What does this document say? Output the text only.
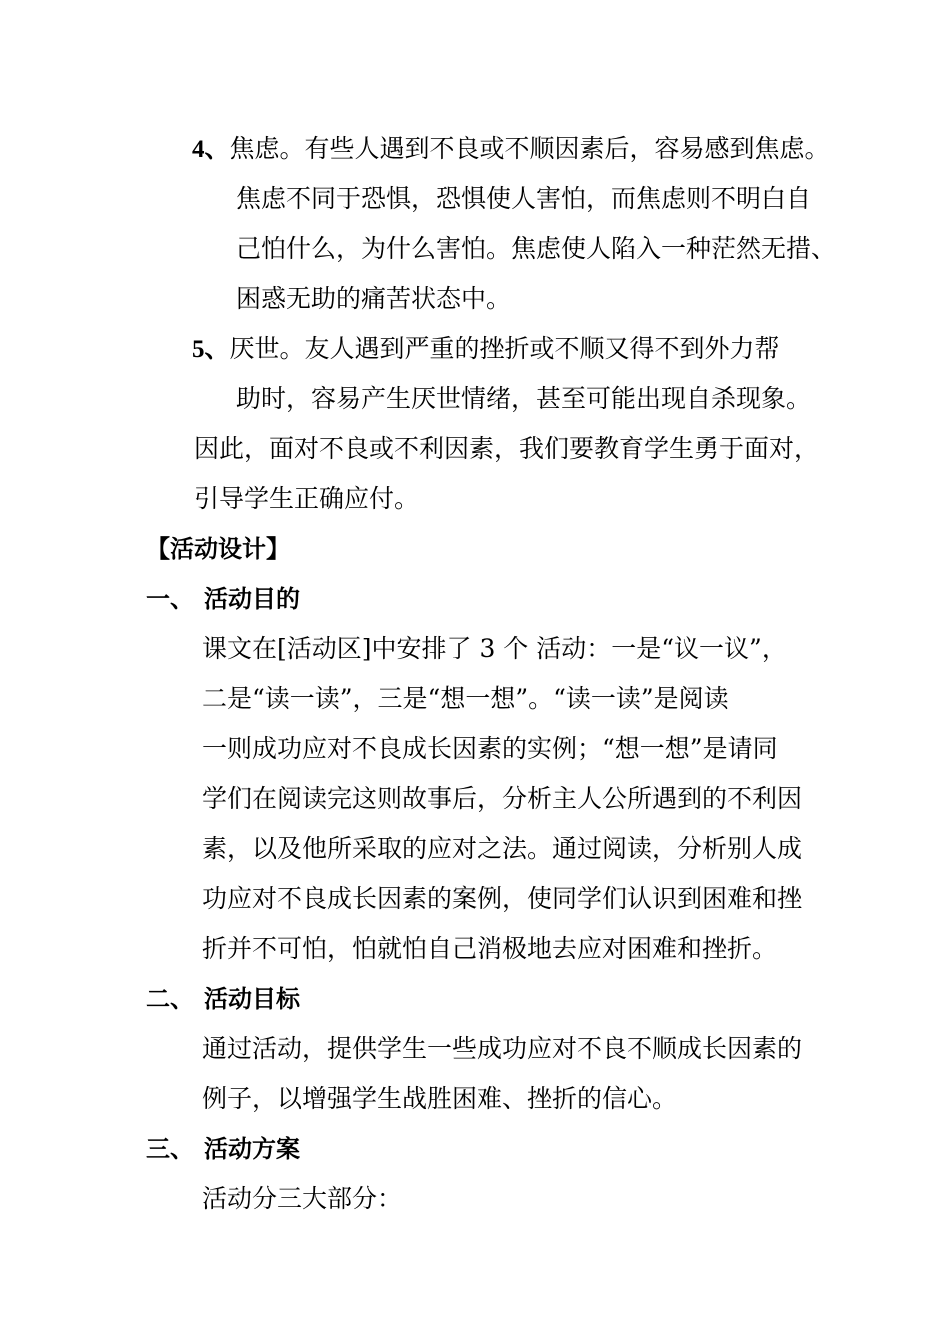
4、焦虑。有些人遇到不良或不顺因素后，容易感到焦虑。
焦虑不同于恐惧，恐惧使人害怕，而焦虑则不明白自
己怕什么，为什么害怕。焦虑使人陷入一种茫然无措、
困惑无助的痛苦状态中。
5、厌世。友人遇到严重的挫折或不顺又得不到外力帮
助时，容易产生厌世情绪，甚至可能出现自杀现象。
因此，面对不良或不利因素，我们要教育学生勇于面对，
引导学生正确应付。
【活动设计】
一、 活动目的
课文在[活动区]中安排了 3 个 活动：一是“议一议”，
二是“读一读”，三是“想一想”。“读一读”是阅读
一则成功应对不良成长因素的实例；“想一想”是请同
学们在阅读完这则故事后，分析主人公所遇到的不利因
素，以及他所采取的应对之法。通过阅读，分析别人成
功应对不良成长因素的案例，使同学们认识到困难和挫
折并不可怕，怕就怕自己消极地去应对困难和挫折。
二、 活动目标
通过活动，提供学生一些成功应对不良不顺成长因素的
例子，以增强学生战胜困难、挫折的信心。
三、 活动方案
活动分三大部分：
